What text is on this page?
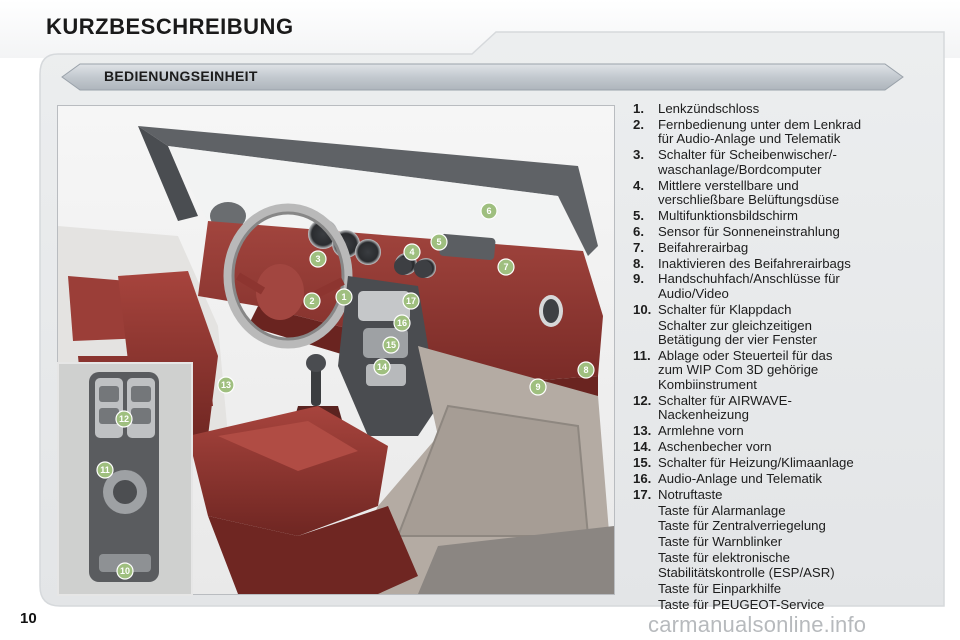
KURZBESCHREIBUNG
BEDIENUNGSEINHEIT
1
2
3
4
5
6
7
8
9
13
14
15
16
17
12
11
10
1.	Lenkzündschloss
2.	Fernbedienung unter dem Lenkrad
für Audio-Anlage und Telematik
3.	Schalter für Scheibenwischer/-
waschanlage/Bordcomputer
4.	Mittlere verstellbare und
verschließbare Belüftungsdüse
5.	Multifunktionsbildschirm
6.	Sensor für Sonneneinstrahlung
7.	Beifahrerairbag
8.	Inaktivieren des Beifahrerairbags
9.	Handschuhfach/Anschlüsse für
Audio/Video
10. Schalter für Klappdach
Schalter zur gleichzeitigen
Betätigung der vier Fenster
11. Ablage oder Steuerteil für das
zum WIP Com 3D gehörige
Kombiinstrument
12. Schalter für AIRWAVE-
Nackenheizung
13. Armlehne vorn
14. Aschenbecher vorn
15. Schalter für Heizung/Klimaanlage
16. Audio-Anlage und Telematik
17. Notruftaste
Taste für Alarmanlage
Taste für Zentralverriegelung
Taste für Warnblinker
Taste für elektronische
Stabilitätskontrolle (ESP/ASR)
Taste für Einparkhilfe
Taste für PEUGEOT-Service
10	carmanualsonline.info
